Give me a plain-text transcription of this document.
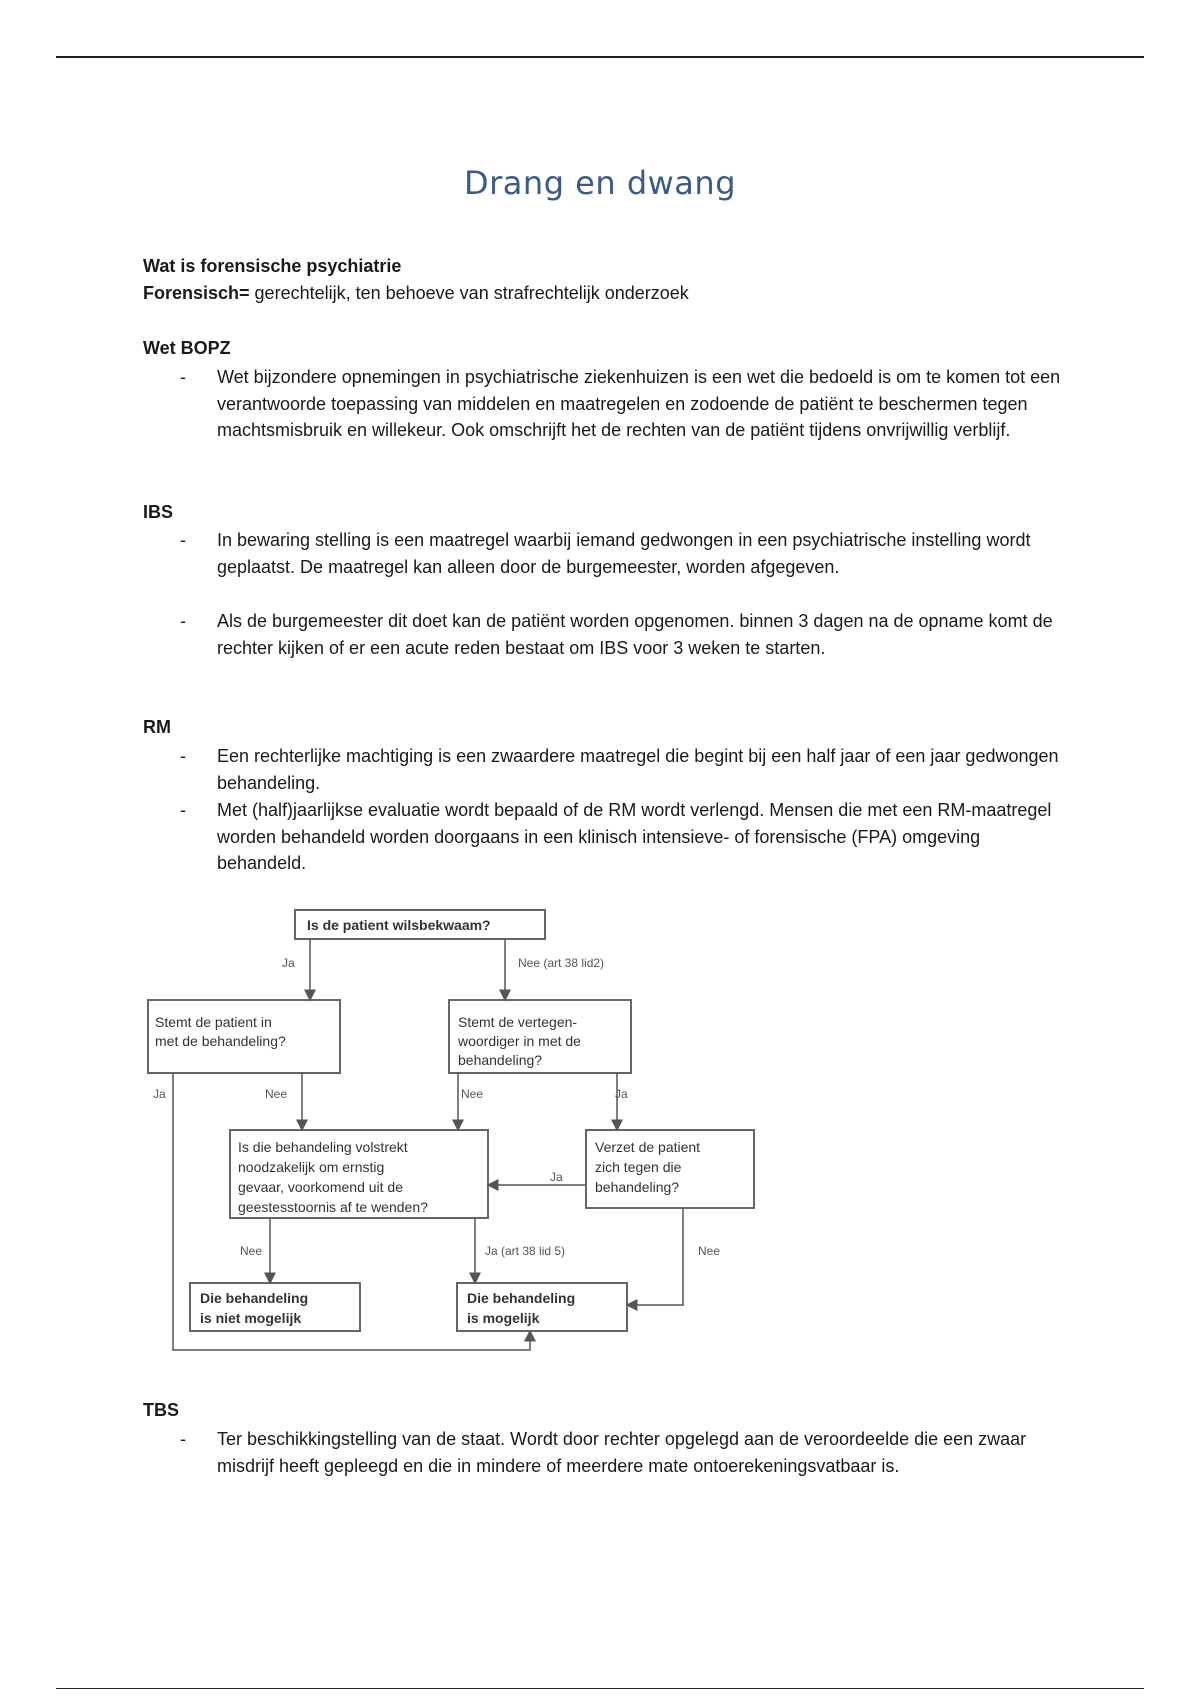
Drang en dwang
Wat is forensische psychiatrie
Forensisch= gerechtelijk, ten behoeve van strafrechtelijk onderzoek
Wet BOPZ
-	Wet bijzondere opnemingen in psychiatrische ziekenhuizen is een wet die bedoeld is om te komen tot een verantwoorde toepassing van middelen en maatregelen en zodoende de patiënt te beschermen tegen machtsmisbruik en willekeur. Ook omschrijft het de rechten van de patiënt tijdens onvrijwillig verblijf.
IBS
-	In bewaring stelling is een maatregel waarbij iemand gedwongen in een psychiatrische instelling wordt geplaatst. De maatregel kan alleen door de burgemeester, worden afgegeven.
-	Als de burgemeester dit doet kan de patiënt worden opgenomen. binnen 3 dagen na de opname komt de rechter kijken of er een acute reden bestaat om IBS voor 3 weken te starten.
RM
-	Een rechterlijke machtiging is een zwaardere maatregel die begint bij een half jaar of een jaar gedwongen behandeling.
-	Met (half)jaarlijkse evaluatie wordt bepaald of de RM wordt verlengd. Mensen die met een RM-maatregel worden behandeld worden doorgaans in een klinisch intensieve- of forensische (FPA) omgeving behandeld.
Is de patient wilsbekwaam?
Stemt de patient in
met de behandeling?
Stemt de vertegen-
woordiger in met de
behandeling?
Is die behandeling volstrekt
noodzakelijk om ernstig
gevaar, voorkomend uit de
geestesstoornis af te wenden?
Verzet de patient
zich tegen die
behandeling?
Die behandeling
is niet mogelijk
Die behandeling
is mogelijk
Ja	Nee (art 38 lid2)
Ja	Nee	Nee	Ja
Ja
Nee	Ja (art 38 lid 5)	Nee
TBS
-	Ter beschikkingstelling van de staat. Wordt door rechter opgelegd aan de veroordeelde die een zwaar misdrijf heeft gepleegd en die in mindere of meerdere mate ontoerekeningsvatbaar is.
